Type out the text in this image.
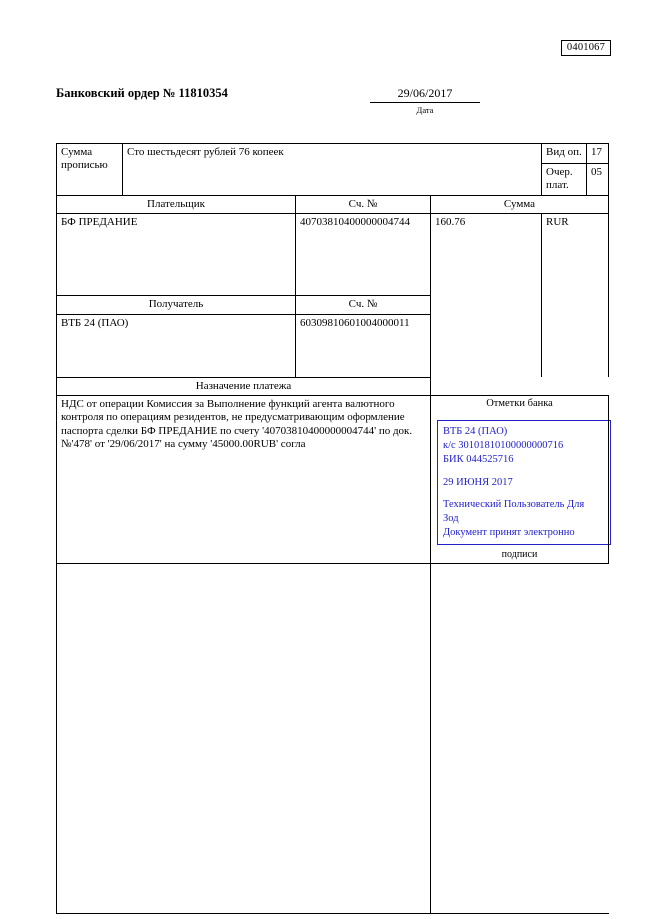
0401067
Банковский ордер № 11810354	29/06/2017
Дата
Сумма
прописью	Сто шестьдесят рублей 76 копеек			Вид оп.	17

				Очер.
плат.	05
Плательщик		Сч. №	Сумма		
БФ ПРЕДАНИЕ		40703810400000004744	160.76	RUR	

Получатель		Сч. №			
ВТБ 24 (ПАО)		60309810601004000011			
Назначение платежа					
НДС от операции Комиссия за Выполнение функций агента валютного контроля по операциям резидентов, не предусматривающим оформление паспорта сделки БФ ПРЕДАНИЕ по счету '40703810400000004744' по док.№'478' от '29/06/2017' на сумму '45000.00RUB' согла			Отметки банка		

ВТБ 24 (ПАО)
к/с 30101810100000000716
БИК 044525716
29 ИЮНЯ 2017
Технический Пользователь Для
Зод
Документ принят электронно
подписи
